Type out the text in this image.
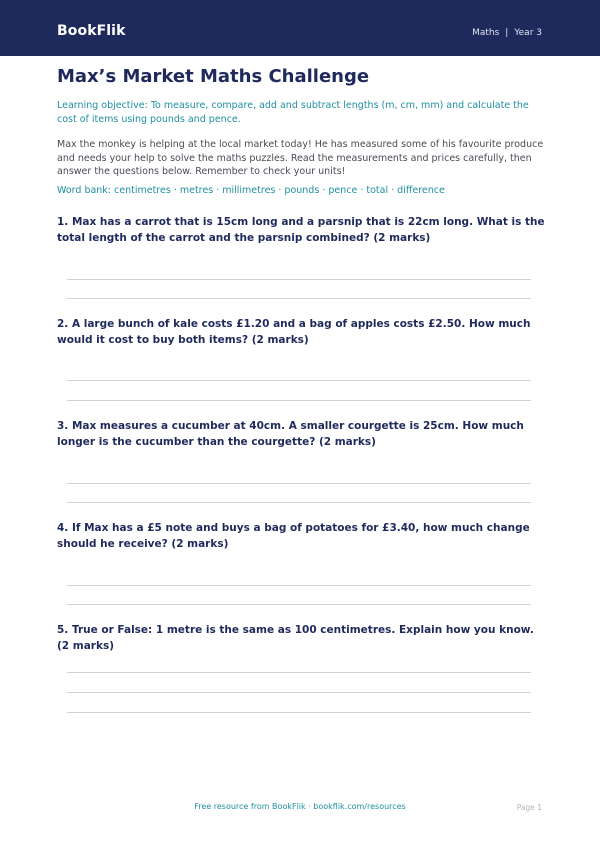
BookFlik	Maths | Year 3
Max’s Market Maths Challenge

Learning objective: To measure, compare, add and subtract lengths (m, cm, mm) and calculate the cost of items using pounds and pence.

Max the monkey is helping at the local market today! He has measured some of his favourite produce and needs your help to solve the maths puzzles. Read the measurements and prices carefully, then answer the questions below. Remember to check your units!

Word bank: centimetres · metres · millimetres · pounds · pence · total · difference

1. Max has a carrot that is 15cm long and a parsnip that is 22cm long. What is the total length of the carrot and the parsnip combined? (2 marks)

2. A large bunch of kale costs £1.20 and a bag of apples costs £2.50. How much would it cost to buy both items? (2 marks)

3. Max measures a cucumber at 40cm. A smaller courgette is 25cm. How much longer is the cucumber than the courgette? (2 marks)

4. If Max has a £5 note and buys a bag of potatoes for £3.40, how much change should he receive? (2 marks)

5. True or False: 1 metre is the same as 100 centimetres. Explain how you know. (2 marks)

Free resource from BookFlik · bookflik.com/resources	Page 1
